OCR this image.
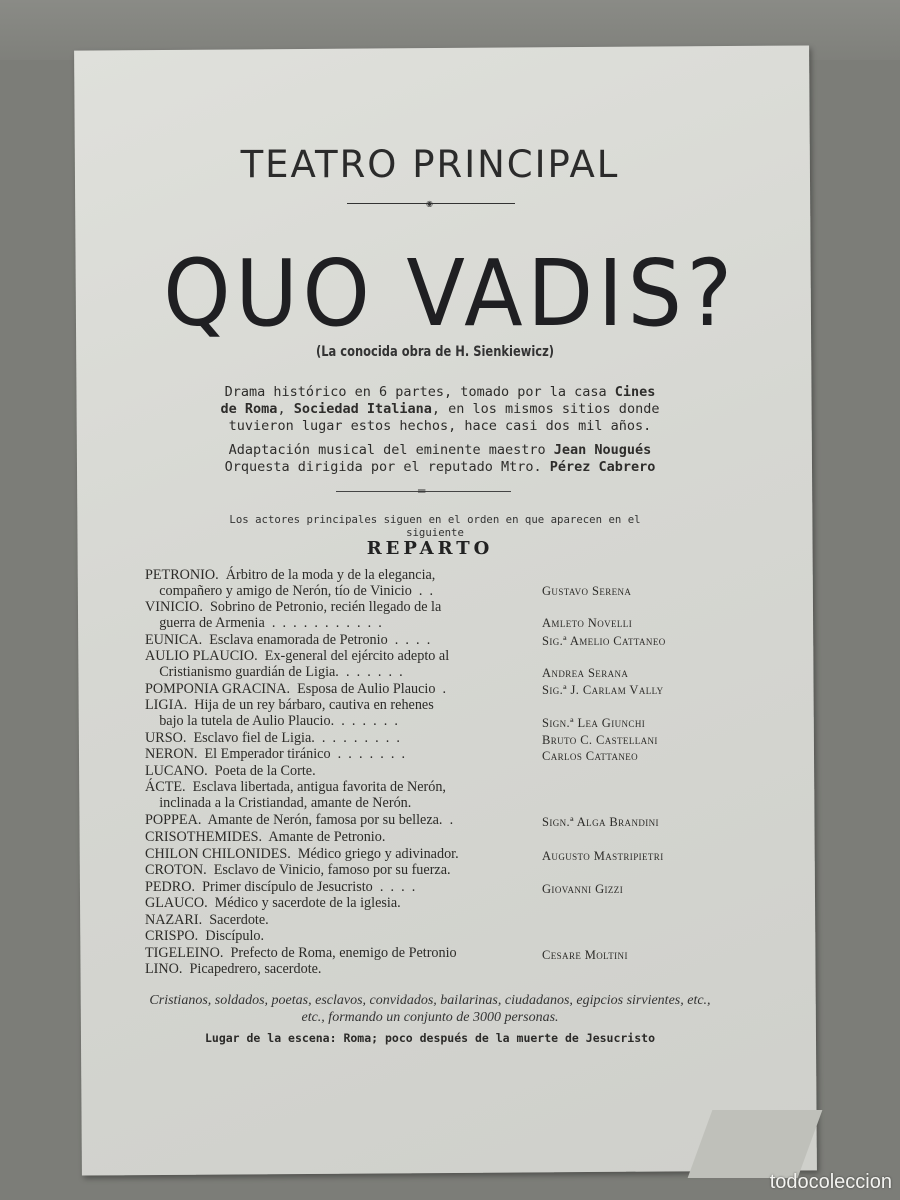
TEATRO PRINCIPAL
◉
QUO VADIS?
(La conocida obra de H. Sienkiewicz)
Drama histórico en 6 partes, tomado por la casa Cines
de Roma, Sociedad Italiana, en los mismos sitios donde
tuvieron lugar estos hechos, hace casi dos mil años.
Adaptación musical del eminente maestro Jean Nougués
Orquesta dirigida por el reputado Mtro. Pérez Cabrero
═
Los actores principales siguen en el orden en que aparecen en el siguiente
REPARTO
PETRONIO.  Árbitro de la moda y de la elegancia,
compañero y amigo de Nerón, tío de Vinicio  .  .	Gustavo Serena
VINICIO.  Sobrino de Petronio, recién llegado de la
guerra de Armenia  .  .  .  .  .  .  .  .  .  .  .	Amleto Novelli
EUNICA.  Esclava enamorada de Petronio  .  .  .  .	Sig.ª Amelio Cattaneo
AULIO PLAUCIO.  Ex-general del ejército adepto al
Cristianismo guardián de Ligia.  .  .  .  .  .  .	Andrea Serana
POMPONIA GRACINA.  Esposa de Aulio Plaucio  .	Sig.ª J. Carlam Vally
LIGIA.  Hija de un rey bárbaro, cautiva en rehenes
bajo la tutela de Aulio Plaucio.  .  .  .  .  .  .	Sign.ª Lea Giunchi
URSO.  Esclavo fiel de Ligia.  .  .  .  .  .  .  .  .	Bruto C. Castellani
NERON.  El Emperador tiránico  .  .  .  .  .  .  .	Carlos Cattaneo
LUCANO.  Poeta de la Corte.
ÁCTE.  Esclava libertada, antigua favorita de Nerón,
inclinada a la Cristiandad, amante de Nerón.
POPPEA.  Amante de Nerón, famosa por su belleza.  .	Sign.ª Alga Brandini
CRISOTHEMIDES.  Amante de Petronio.
CHILON CHILONIDES.  Médico griego y adivinador.	Augusto Mastripietri
CROTON.  Esclavo de Vinicio, famoso por su fuerza.
PEDRO.  Primer discípulo de Jesucristo  .  .  .  .	Giovanni Gizzi
GLAUCO.  Médico y sacerdote de la iglesia.
NAZARI.  Sacerdote.
CRISPO.  Discípulo.
TIGELEINO.  Prefecto de Roma, enemigo de Petronio	Cesare Moltini
LINO.  Picapedrero, sacerdote.
Cristianos, soldados, poetas, esclavos, convidados, bailarinas, ciudadanos, egipcios sirvientes, etc., etc., formando un conjunto de 3000 personas.
Lugar de la escena: Roma; poco después de la muerte de Jesucristo
todocoleccion
